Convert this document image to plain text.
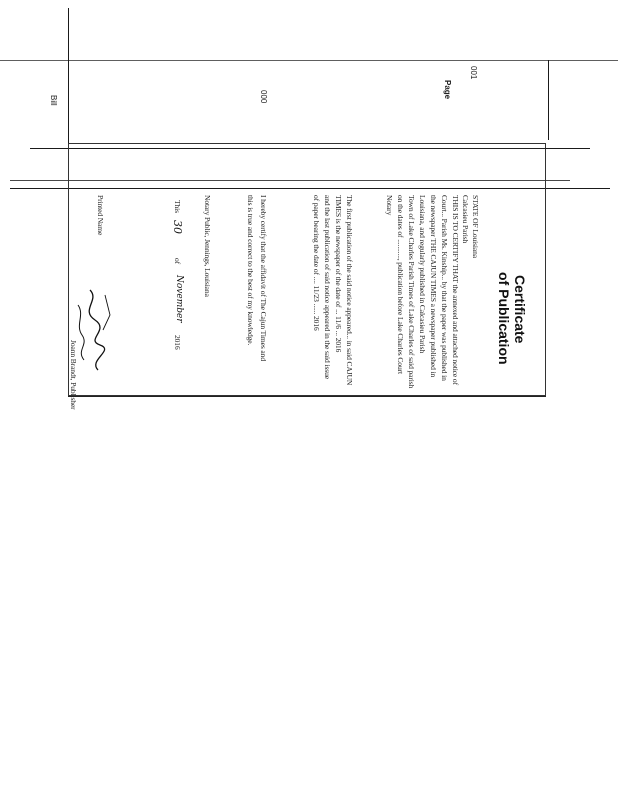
Bill	000
001
Page
Certificate
of Publication
STATE OF Louisiana
Calcasieu Parish
THIS IS TO CERTIFY THAT the annexed and attached notice of
Court... Parish Ms. Kinship... by that the paper was published in
the newspaper THE CAJUN TIMES a newspaper published in
Louisiana, and regularly published in Calcasieu Parish
Town of Lake Charles Parish Times of Lake Charles of said parish
on the dates of ..........., publication before Lake Charles Court
Notary
The first publication of the said notice appeared... in said CAJUN
TIMES is the newspaper of the date of ... 11/6 ... 2016
and the last publication of said notice appeared in the said issue
of paper bearing the date of .... 11/23 ...... 2016
I hereby certify that the affidavit of The Cajun Times and
this is true and correct to the best of my knowledge.
Notary Public, Jennings, Louisiana
This
30
of
November
2016
Printed Name
Joann Brandt, Publisher
